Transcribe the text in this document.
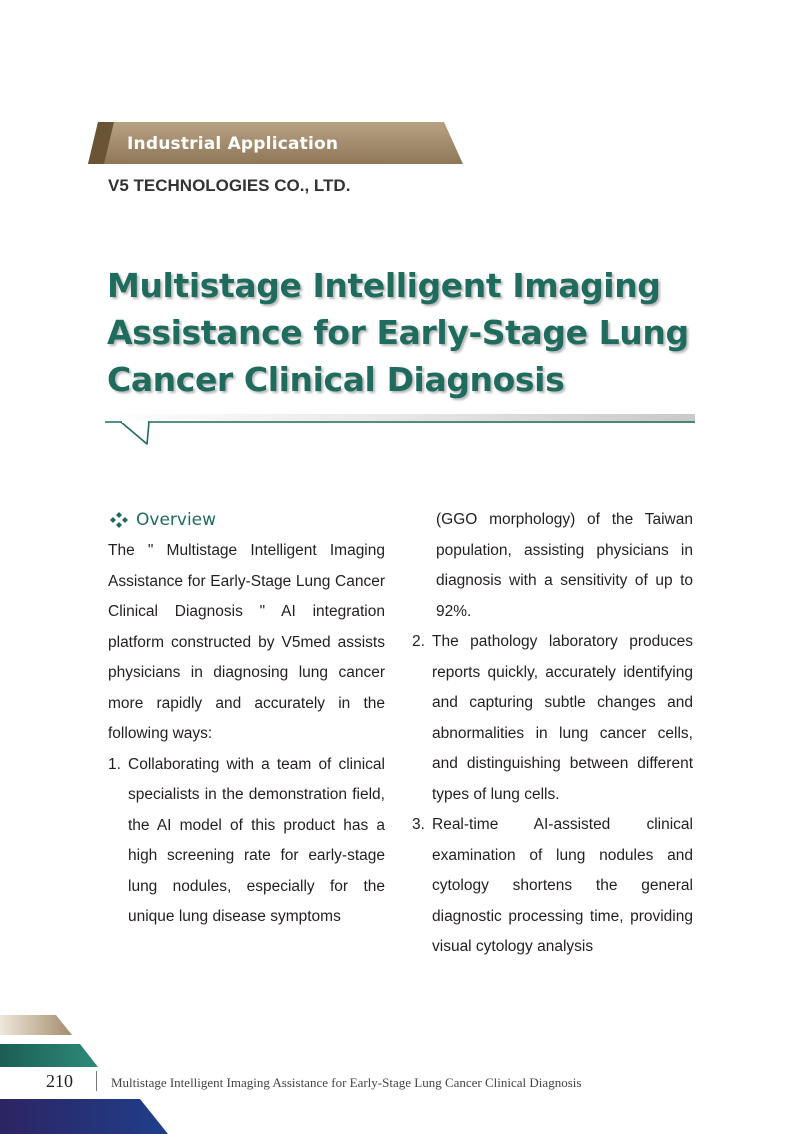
Industrial Application

V5 TECHNOLOGIES CO., LTD.

Multistage Intelligent Imaging
Assistance for Early-Stage Lung
Cancer Clinical Diagnosis
Overview

The " Multistage Intelligent Imaging Assistance for Early-Stage Lung Cancer Clinical Diagnosis " AI integration platform constructed by V5med assists physicians in diagnosing lung cancer more rapidly and accurately in the following ways:

1. Collaborating with a team of clinical specialists in the demonstration field, the AI model of this product has a high screening rate for early-stage lung nodules, especially for the unique lung disease symptoms

(GGO morphology) of the Taiwan population, assisting physicians in diagnosis with a sensitivity of up to 92%.

2. The pathology laboratory produces reports quickly, accurately identifying and capturing subtle changes and abnormalities in lung cancer cells, and distinguishing between different types of lung cells.

3. Real-time AI-assisted clinical examination of lung nodules and cytology shortens the general diagnostic processing time, providing visual cytology analysis

210	Multistage Intelligent Imaging Assistance for Early-Stage Lung Cancer Clinical Diagnosis
